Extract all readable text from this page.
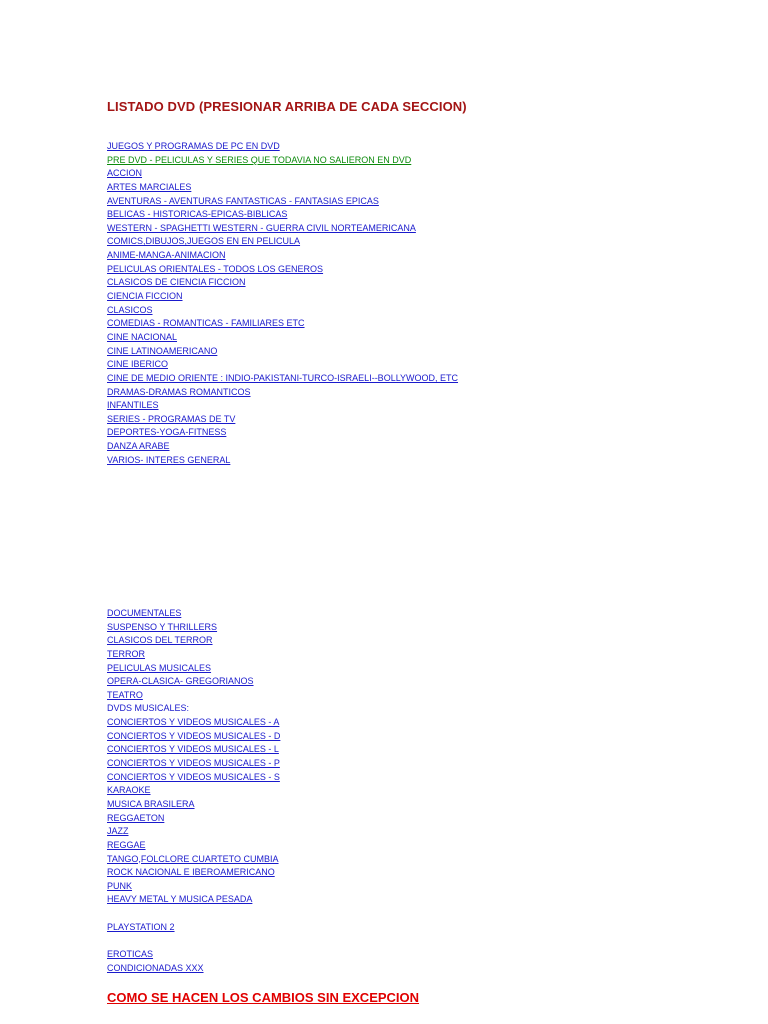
LISTADO DVD (PRESIONAR ARRIBA DE CADA SECCION)
JUEGOS Y PROGRAMAS DE PC EN DVD
PRE DVD - PELICULAS Y SERIES QUE TODAVIA NO SALIERON EN DVD
ACCION
ARTES MARCIALES
AVENTURAS - AVENTURAS FANTASTICAS - FANTASIAS EPICAS
BELICAS - HISTORICAS-EPICAS-BIBLICAS
WESTERN - SPAGHETTI WESTERN - GUERRA CIVIL NORTEAMERICANA
COMICS,DIBUJOS,JUEGOS EN EN PELICULA
ANIME-MANGA-ANIMACION
PELICULAS ORIENTALES - TODOS LOS GENEROS
CLASICOS DE CIENCIA FICCION
CIENCIA FICCION
CLASICOS
COMEDIAS - ROMANTICAS - FAMILIARES ETC
CINE NACIONAL
CINE LATINOAMERICANO
CINE IBERICO
CINE DE MEDIO ORIENTE : INDIO-PAKISTANI-TURCO-ISRAELI--BOLLYWOOD, ETC
DRAMAS-DRAMAS ROMANTICOS
INFANTILES
SERIES - PROGRAMAS DE TV
DEPORTES-YOGA-FITNESS
DANZA ARABE
VARIOS- INTERES GENERAL
DOCUMENTALES
SUSPENSO Y THRILLERS
CLASICOS DEL TERROR
TERROR
PELICULAS MUSICALES
OPERA-CLASICA- GREGORIANOS
TEATRO
DVDS MUSICALES:
CONCIERTOS Y VIDEOS MUSICALES - A
CONCIERTOS Y VIDEOS MUSICALES - D
CONCIERTOS Y VIDEOS MUSICALES - L
CONCIERTOS Y VIDEOS MUSICALES - P
CONCIERTOS Y VIDEOS MUSICALES - S
KARAOKE
MUSICA BRASILERA
REGGAETON
JAZZ
REGGAE
TANGO,FOLCLORE CUARTETO CUMBIA
ROCK NACIONAL E IBEROAMERICANO
PUNK
HEAVY METAL Y MUSICA PESADA
PLAYSTATION 2
EROTICAS
CONDICIONADAS XXX
COMO SE HACEN LOS CAMBIOS SIN EXCEPCION
